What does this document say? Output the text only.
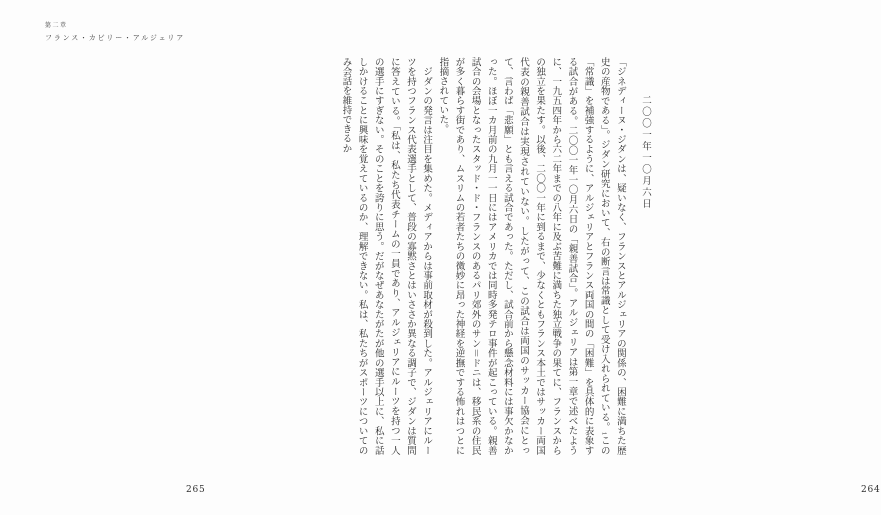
第二章
フランス・カビリー・アルジェリア

265
二〇〇一年一〇月六日

「ジネディーヌ・ジダンは、疑いなく、フランスとアルジェリアの関係の、困難に満ちた歴史の産物である」。ジダン研究において、右の断言は常識として受け入れられている。1この「常識」を補強するように、アルジェリアとフランス両国の間の「困難」を具体的に表象する試合がある。二〇〇一年一〇月六日の「親善試合」。アルジェリアは第一章で述べたように、一九五四年から六二年までの八年に及ぶ苦難に満ちた独立戦争の果てに、フランスからの独立を果たす。以後、二〇〇一年に到るまで、少なくともフランス本土ではサッカー両国代表の親善試合は実現されていない。したがって、この試合は両国のサッカー協会にとって、言わば「悲願」とも言える試合であった。ただし、試合前から懸念材料には事欠かなかった。ほぼ一カ月前の九月一一日にはアメリカでは同時多発テロ事件が起こっている。親善試合の会場となったスタッド・ド・フランスのあるパリ郊外のサン＝ドニは、移民系の住民が多く暮らす街であり、ムスリムの若者たちの微妙に昂った神経を逆撫でする怖れはつとに指摘されていた。

　ジダンの発言は注目を集めた。メディアからは事前取材が殺到した。アルジェリアにルーツを持つフランス代表選手として、普段の寡黙さとはいささか異なる調子で、ジダンは質問に答えている。「私は、私たち代表チームの一員であり、アルジェリアにルーツを持つ一人の選手にすぎない。そのことを誇りに思う。だがなぜあなたがたが他の選手以上に、私に話しかけることに興味を覚えているのか、理解できない。私は、私たちがスポーツについてのみ会話を維持できるか

264
